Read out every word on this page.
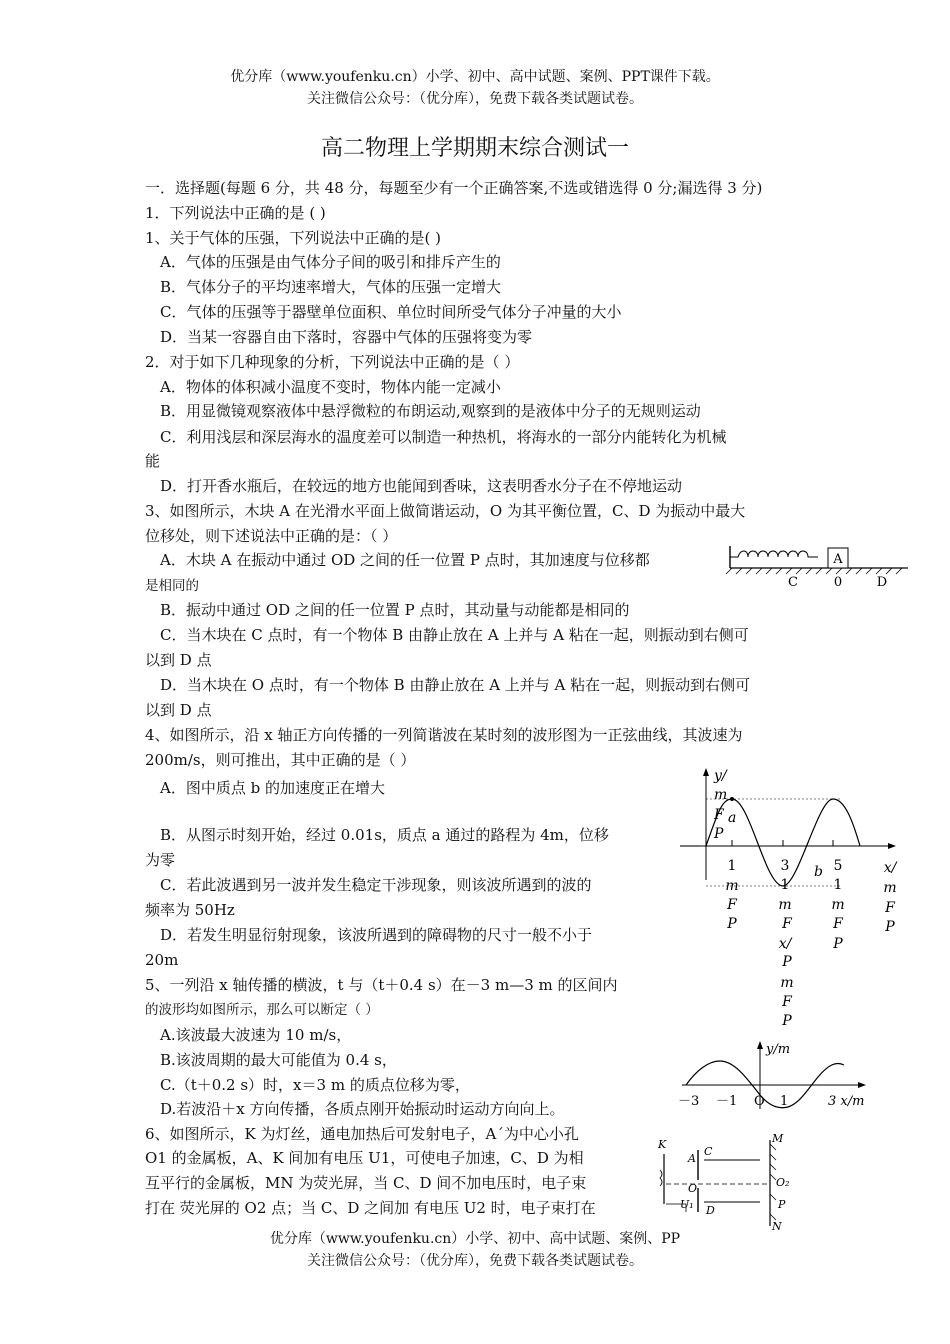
优分库（www.youfenku.cn）小学、初中、高中试题、案例、PPT课件下载。
关注微信公众号：（优分库），免费下载各类试题试卷。
高二物理上学期期末综合测试一
一．选择题(每题 6 分，共 48 分，每题至少有一个正确答案,不选或错选得 0 分;漏选得 3 分)
1．下列说法中正确的是 ( )
1、关于气体的压强，下列说法中正确的是( )
A．气体的压强是由气体分子间的吸引和排斥产生的
B．气体分子的平均速率增大，气体的压强一定增大
C．气体的压强等于器壁单位面积、单位时间所受气体分子冲量的大小
D．当某一容器自由下落时，容器中气体的压强将变为零
2．对于如下几种现象的分析，下列说法中正确的是（ ）
A．物体的体积减小温度不变时，物体内能一定减小
B．用显微镜观察液体中悬浮微粒的布朗运动,观察到的是液体中分子的无规则运动
C．利用浅层和深层海水的温度差可以制造一种热机，将海水的一部分内能转化为机械
能
D．打开香水瓶后，在较远的地方也能闻到香味，这表明香水分子在不停地运动
3、如图所示，木块 A 在光滑水平面上做简谐运动，O 为其平衡位置，C、D 为振动中最大
位移处，则下述说法中正确的是：（ ）
A．木块 A 在振动中通过 OD 之间的任一位置 P 点时，其加速度与位移都
是相同的
B．振动中通过 OD 之间的任一位置 P 点时，其动量与动能都是相同的
C．当木块在 C 点时，有一个物体 B 由静止放在 A 上并与 A 粘在一起，则振动到右侧可
以到 D 点
D．当木块在 O 点时，有一个物体 B 由静止放在 A 上并与 A 粘在一起，则振动到右侧可
以到 D 点
A
C	0	D
4、如图所示，沿 x 轴正方向传播的一列简谐波在某时刻的波形图为一正弦曲线，其波速为
200m/s，则可推出，其中正确的是（ ）
A．图中质点 b 的加速度正在增大
B．从图示时刻开始，经过 0.01s，质点 a 通过的路程为 4m，位移
为零
C．若此波遇到另一波并发生稳定干涉现象，则该波所遇到的波的
频率为 50Hz
D．若发生明显衍射现象，该波所遇到的障碍物的尺寸一般不小于
20m
y/
m
F
P
a
b
1
m
F
P
3
1
m
F
x/
P
m
F
P
5
1
m
F
P
x/
m
F
P
5、一列沿 x 轴传播的横波，t 与（t＋0.4 s）在－3 m—3 m 的区间内
的波形均如图所示，那么可以断定（ ）
A.该波最大波速为 10 m/s，
B.该波周期的最大可能值为 0.4 s，
C.（t＋0.2 s）时，x＝3 m 的质点位移为零，
D.若波沿＋x 方向传播，各质点刚开始振动时运动方向向上。
y/m
－3 －1 O 1	3 x/m
6、如图所示，K 为灯丝，通电加热后可发射电子，A´为中心小孔
O1 的金属板，A、K 间加有电压 U1，可使电子加速，C、D 为相
互平行的金属板，MN 为荧光屏，当 C、D 间不加电压时，电子束
打在 荧光屏的 O2 点；当 C、D 之间加 有电压 U2 时，电子束打在
K
A
C
M
O	O₂
P
U₁ D
N
优分库（www.youfenku.cn）小学、初中、高中试题、案例、PP
关注微信公众号：（优分库），免费下载各类试题试卷。
